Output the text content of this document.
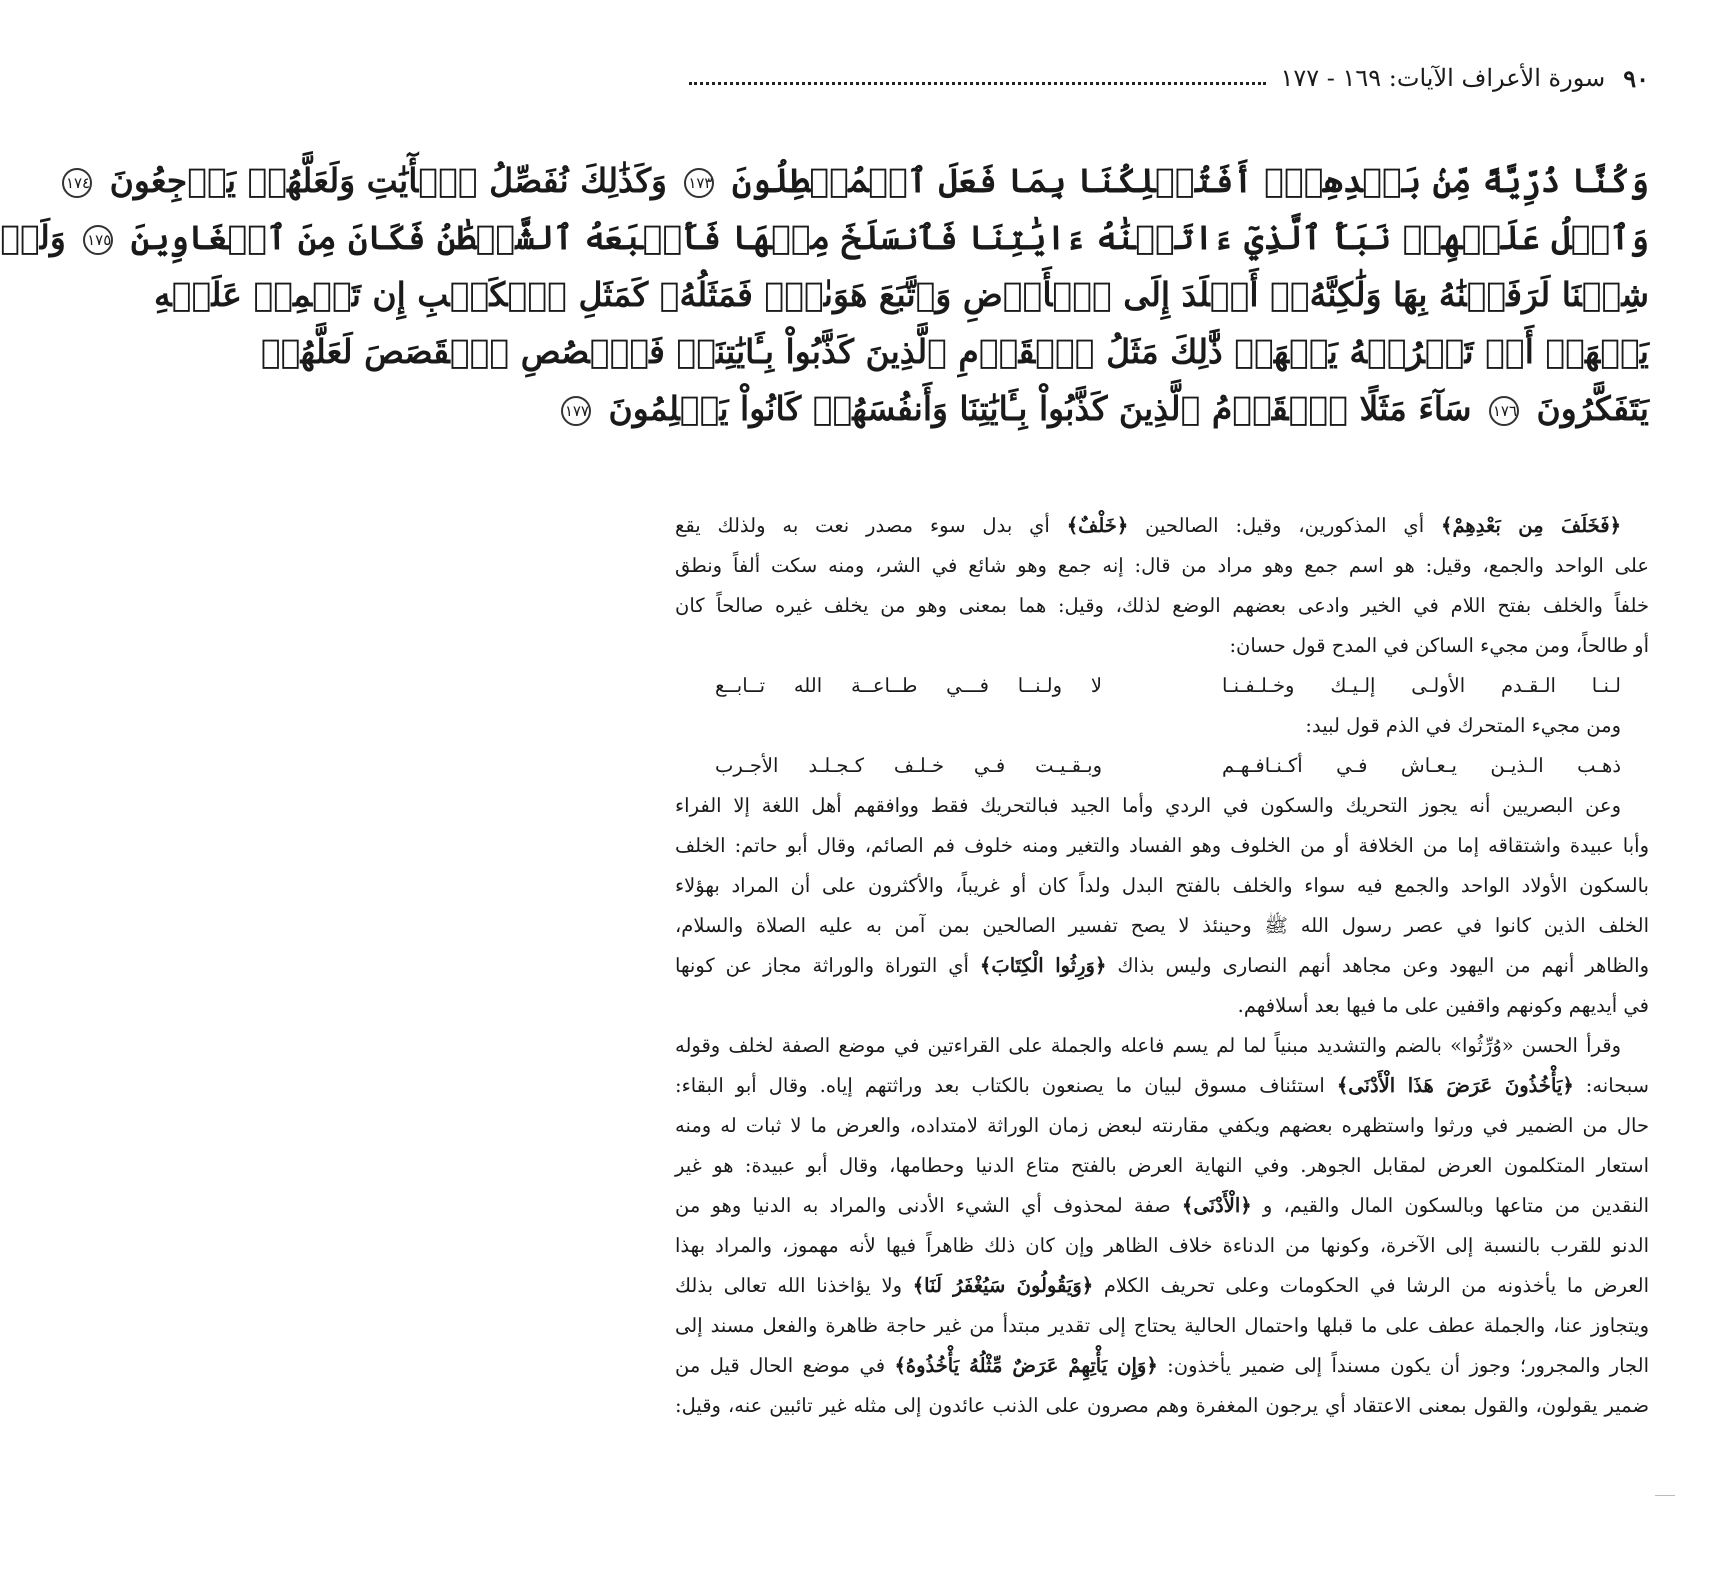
٩٠
سورة الأعراف الآيات: ١٦٩ - ١٧٧
وَكُنَّا ذُرِّيَّةً مِّنۢ بَعۡدِهِمۡۖ أَفَتُهۡلِكُنَا بِمَا فَعَلَ ٱلۡمُبۡطِلُونَ ١٧٣ وَكَذَٰلِكَ نُفَصِّلُ ٱلۡأٓيَٰتِ وَلَعَلَّهُمۡ يَرۡجِعُونَ ١٧٤
وَٱتۡلُ عَلَيۡهِمۡ نَبَأَ ٱلَّذِيٓ ءَاتَيۡنَٰهُ ءَايَٰتِنَا فَٱنسَلَخَ مِنۡهَا فَأَتۡبَعَهُ ٱلشَّيۡطَٰنُ فَكَانَ مِنَ ٱلۡغَاوِينَ ١٧٥ وَلَوۡ
شِئۡنَا لَرَفَعۡنَٰهُ بِهَا وَلَٰكِنَّهُۥٓ أَخۡلَدَ إِلَى ٱلۡأَرۡضِ وَٱتَّبَعَ هَوَىٰهُۚ فَمَثَلُهُۥ كَمَثَلِ ٱلۡكَلۡبِ إِن تَحۡمِلۡ عَلَيۡهِ
يَلۡهَثۡ أَوۡ تَتۡرُكۡهُ يَلۡهَثۚ ذَّٰلِكَ مَثَلُ ٱلۡقَوۡمِ ٱلَّذِينَ كَذَّبُواْ بِـَٔايَٰتِنَاۚ فَٱقۡصُصِ ٱلۡقَصَصَ لَعَلَّهُمۡ
يَتَفَكَّرُونَ ١٧٦ سَآءَ مَثَلًا ٱلۡقَوۡمُ ٱلَّذِينَ كَذَّبُواْ بِـَٔايَٰتِنَا وَأَنفُسَهُمۡ كَانُواْ يَظۡلِمُونَ ١٧٧
﴿فَخَلَفَ مِن بَعْدِهِمْ﴾ أي المذكورين، وقيل: الصالحين ﴿خَلْفٌ﴾ أي بدل سوء مصدر نعت به ولذلك يقع
على الواحد والجمع، وقيل: هو اسم جمع وهو مراد من قال: إنه جمع وهو شائع في الشر، ومنه سكت ألفاً ونطق
خلفاً والخلف بفتح اللام في الخير وادعى بعضهم الوضع لذلك، وقيل: هما بمعنى وهو من يخلف غيره صالحاً كان
أو طالحاً، ومن مجيء الساكن في المدح قول حسان:
لـنـا الـقـدم الأولـى إلـيـك وخـلـفـنـا
لا ولـنــا فـــي طــاعــة الله تــابــع
ومن مجيء المتحرك في الذم قول لبيد:
ذهـب الـذيـن يـعـاش فـي أكـنـافـهـم
وبـقـيـت فـي خـلـف كـجـلـد الأجـرب
وعن البصريين أنه يجوز التحريك والسكون في الردي وأما الجيد فبالتحريك فقط ووافقهم أهل اللغة إلا الفراء
وأبا عبيدة واشتقاقه إما من الخلافة أو من الخلوف وهو الفساد والتغير ومنه خلوف فم الصائم، وقال أبو حاتم: الخلف
بالسكون الأولاد الواحد والجمع فيه سواء والخلف بالفتح البدل ولداً كان أو غريباً، والأكثرون على أن المراد بهؤلاء
الخلف الذين كانوا في عصر رسول الله ﷺ وحينئذ لا يصح تفسير الصالحين بمن آمن به عليه الصلاة والسلام،
والظاهر أنهم من اليهود وعن مجاهد أنهم النصارى وليس بذاك ﴿وَرِثُوا الْكِتَابَ﴾ أي التوراة والوراثة مجاز عن كونها
في أيديهم وكونهم واقفين على ما فيها بعد أسلافهم.
وقرأ الحسن «وُرِّثُوا» بالضم والتشديد مبنياً لما لم يسم فاعله والجملة على القراءتين في موضع الصفة لخلف وقوله
سبحانه: ﴿يَأْخُذُونَ عَرَضَ هَذَا الْأَدْنَى﴾ استئناف مسوق لبيان ما يصنعون بالكتاب بعد وراثتهم إياه. وقال أبو البقاء:
حال من الضمير في ورثوا واستظهره بعضهم ويكفي مقارنته لبعض زمان الوراثة لامتداده، والعرض ما لا ثبات له ومنه
استعار المتكلمون العرض لمقابل الجوهر. وفي النهاية العرض بالفتح متاع الدنيا وحطامها، وقال أبو عبيدة: هو غير
النقدين من متاعها وبالسكون المال والقيم، و ﴿الْأَدْنَى﴾ صفة لمحذوف أي الشيء الأدنى والمراد به الدنيا وهو من
الدنو للقرب بالنسبة إلى الآخرة، وكونها من الدناءة خلاف الظاهر وإن كان ذلك ظاهراً فيها لأنه مهموز، والمراد بهذا
العرض ما يأخذونه من الرشا في الحكومات وعلى تحريف الكلام ﴿وَيَقُولُونَ سَيُغْفَرُ لَنَا﴾ ولا يؤاخذنا الله تعالى بذلك
ويتجاوز عنا، والجملة عطف على ما قبلها واحتمال الحالية يحتاج إلى تقدير مبتدأ من غير حاجة ظاهرة والفعل مسند إلى
الجار والمجرور؛ وجوز أن يكون مسنداً إلى ضمير يأخذون: ﴿وَإِن يَأْتِهِمْ عَرَضٌ مِّثْلُهُ يَأْخُذُوهُ﴾ في موضع الحال قيل من
ضمير يقولون، والقول بمعنى الاعتقاد أي يرجون المغفرة وهم مصرون على الذنب عائدون إلى مثله غير تائبين عنه، وقيل:
